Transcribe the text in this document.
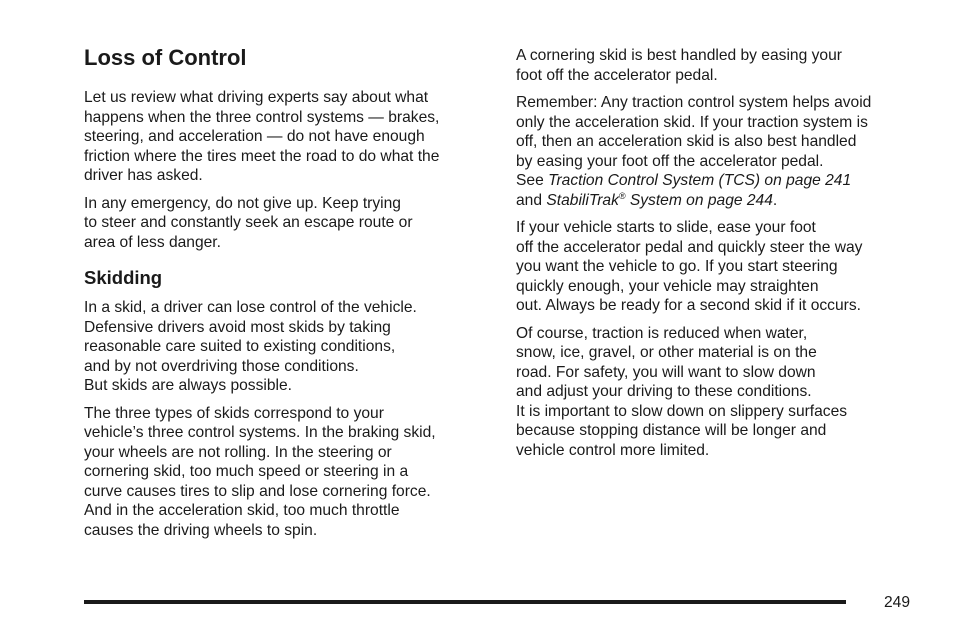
Loss of Control

Let us review what driving experts say about what
happens when the three control systems — brakes,
steering, and acceleration — do not have enough
friction where the tires meet the road to do what the
driver has asked.

In any emergency, do not give up. Keep trying
to steer and constantly seek an escape route or
area of less danger.

Skidding

In a skid, a driver can lose control of the vehicle.
Defensive drivers avoid most skids by taking
reasonable care suited to existing conditions,
and by not overdriving those conditions.
But skids are always possible.

The three types of skids correspond to your
vehicle’s three control systems. In the braking skid,
your wheels are not rolling. In the steering or
cornering skid, too much speed or steering in a
curve causes tires to slip and lose cornering force.
And in the acceleration skid, too much throttle
causes the driving wheels to spin.

A cornering skid is best handled by easing your
foot off the accelerator pedal.

Remember: Any traction control system helps avoid
only the acceleration skid. If your traction system is
off, then an acceleration skid is also best handled
by easing your foot off the accelerator pedal.
See Traction Control System (TCS) on page 241
and StabiliTrak® System on page 244.

If your vehicle starts to slide, ease your foot
off the accelerator pedal and quickly steer the way
you want the vehicle to go. If you start steering
quickly enough, your vehicle may straighten
out. Always be ready for a second skid if it occurs.

Of course, traction is reduced when water,
snow, ice, gravel, or other material is on the
road. For safety, you will want to slow down
and adjust your driving to these conditions.
It is important to slow down on slippery surfaces
because stopping distance will be longer and
vehicle control more limited.

249
